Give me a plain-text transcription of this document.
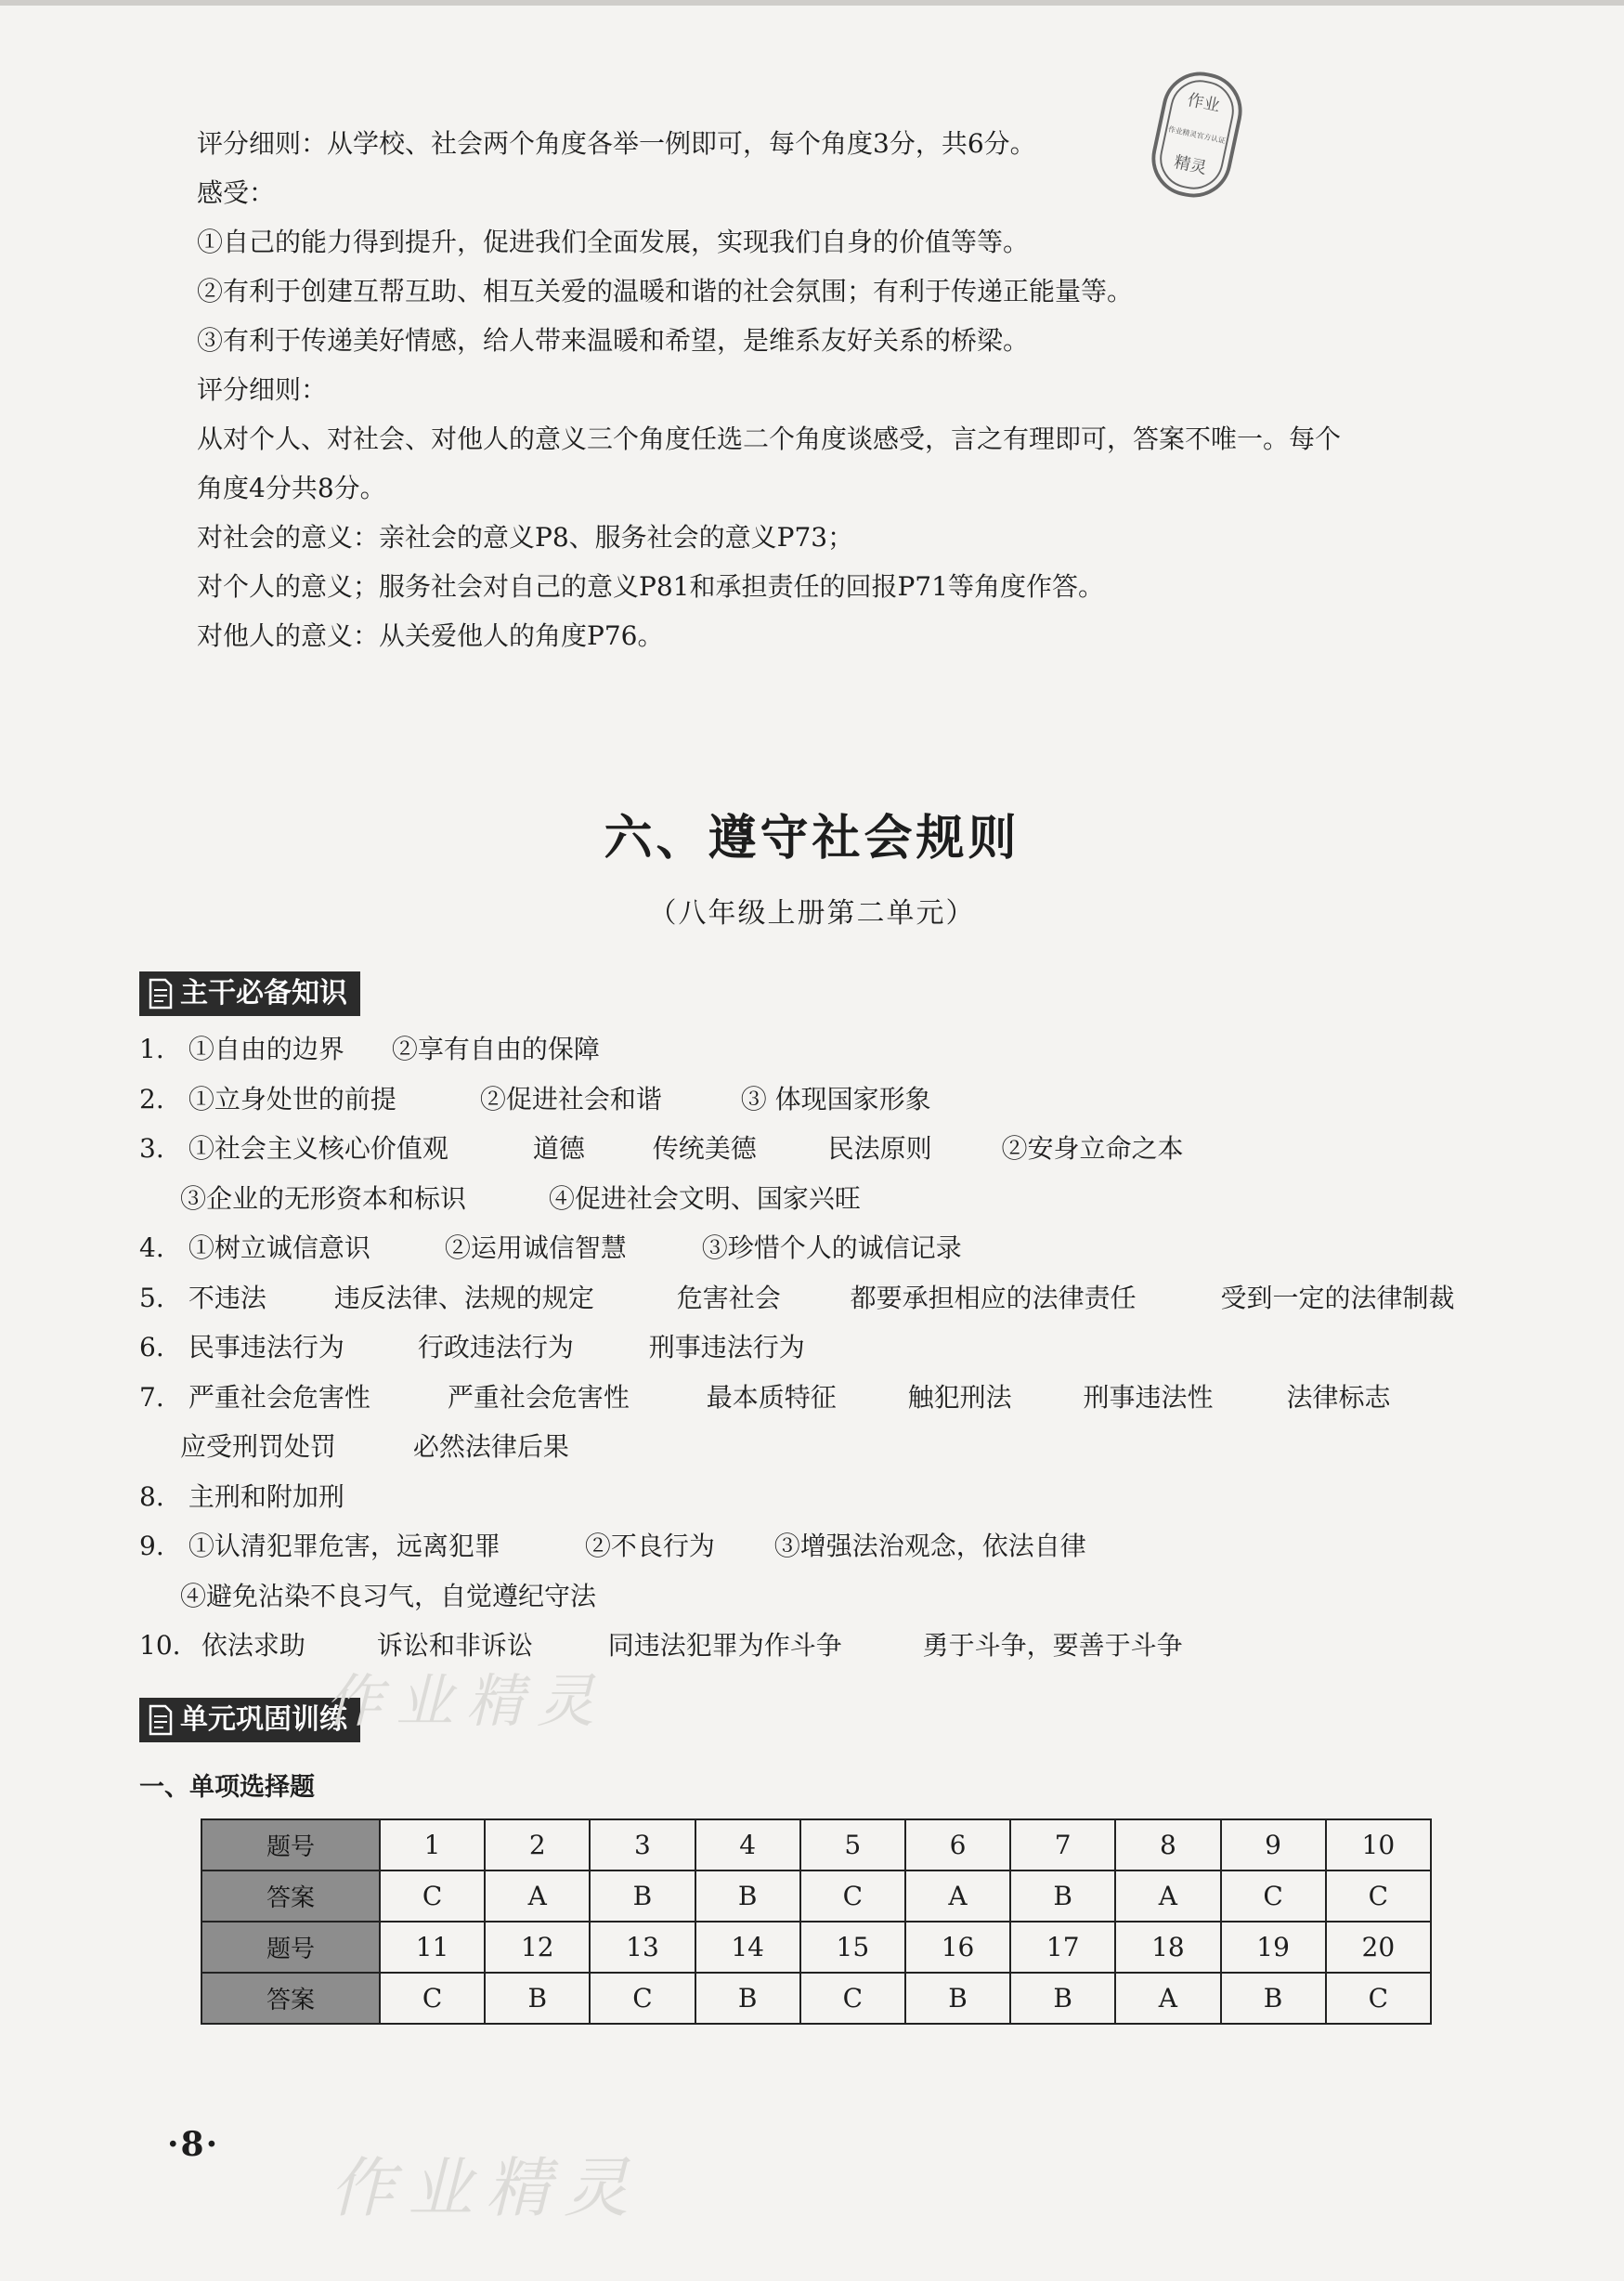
作业
作业精灵官方认证
精灵
评分细则：从学校、社会两个角度各举一例即可，每个角度3分，共6分。
感受：
①自己的能力得到提升，促进我们全面发展，实现我们自身的价值等等。
②有利于创建互帮互助、相互关爱的温暖和谐的社会氛围；有利于传递正能量等。
③有利于传递美好情感，给人带来温暖和希望，是维系友好关系的桥梁。
评分细则：
从对个人、对社会、对他人的意义三个角度任选二个角度谈感受，言之有理即可，答案不唯一。每个
角度4分共8分。
对社会的意义：亲社会的意义P8、服务社会的意义P73；
对个人的意义；服务社会对自己的意义P81和承担责任的回报P71等角度作答。
对他人的意义：从关爱他人的角度P76。
六、遵守社会规则
（八年级上册第二单元）
主干必备知识
1. ①自由的边界 ②享有自由的保障
2. ①立身处世的前提	②促进社会和谐	③ 体现国家形象
3. ①社会主义核心价值观	道德	传统美德	民法原则	②安身立命之本
③企业的无形资本和标识	④促进社会文明、国家兴旺
4. ①树立诚信意识	②运用诚信智慧	③珍惜个人的诚信记录
5. 不违法	违反法律、法规的规定	危害社会	都要承担相应的法律责任	受到一定的法律制裁
6. 民事违法行为	行政违法行为	刑事违法行为
7. 严重社会危害性	严重社会危害性	最本质特征	触犯刑法	刑事违法性	法律标志
应受刑罚处罚	必然法律后果
8. 主刑和附加刑
9. ①认清犯罪危害，远离犯罪	②不良行为 ③增强法治观念，依法自律
④避免沾染不良习气，自觉遵纪守法
10. 依法求助	诉讼和非诉讼	同违法犯罪为作斗争	勇于斗争，要善于斗争
单元巩固训练
作业精灵
一、单项选择题
题号	1	2	3	4	5	6	7	8	9	10
答案	C	A	B	B	C	A	B	A	C	C
题号	11	12	13	14	15	16	17	18	19	20
答案	C	B	C	B	C	B	B	A	B	C
·8·
作业精灵
